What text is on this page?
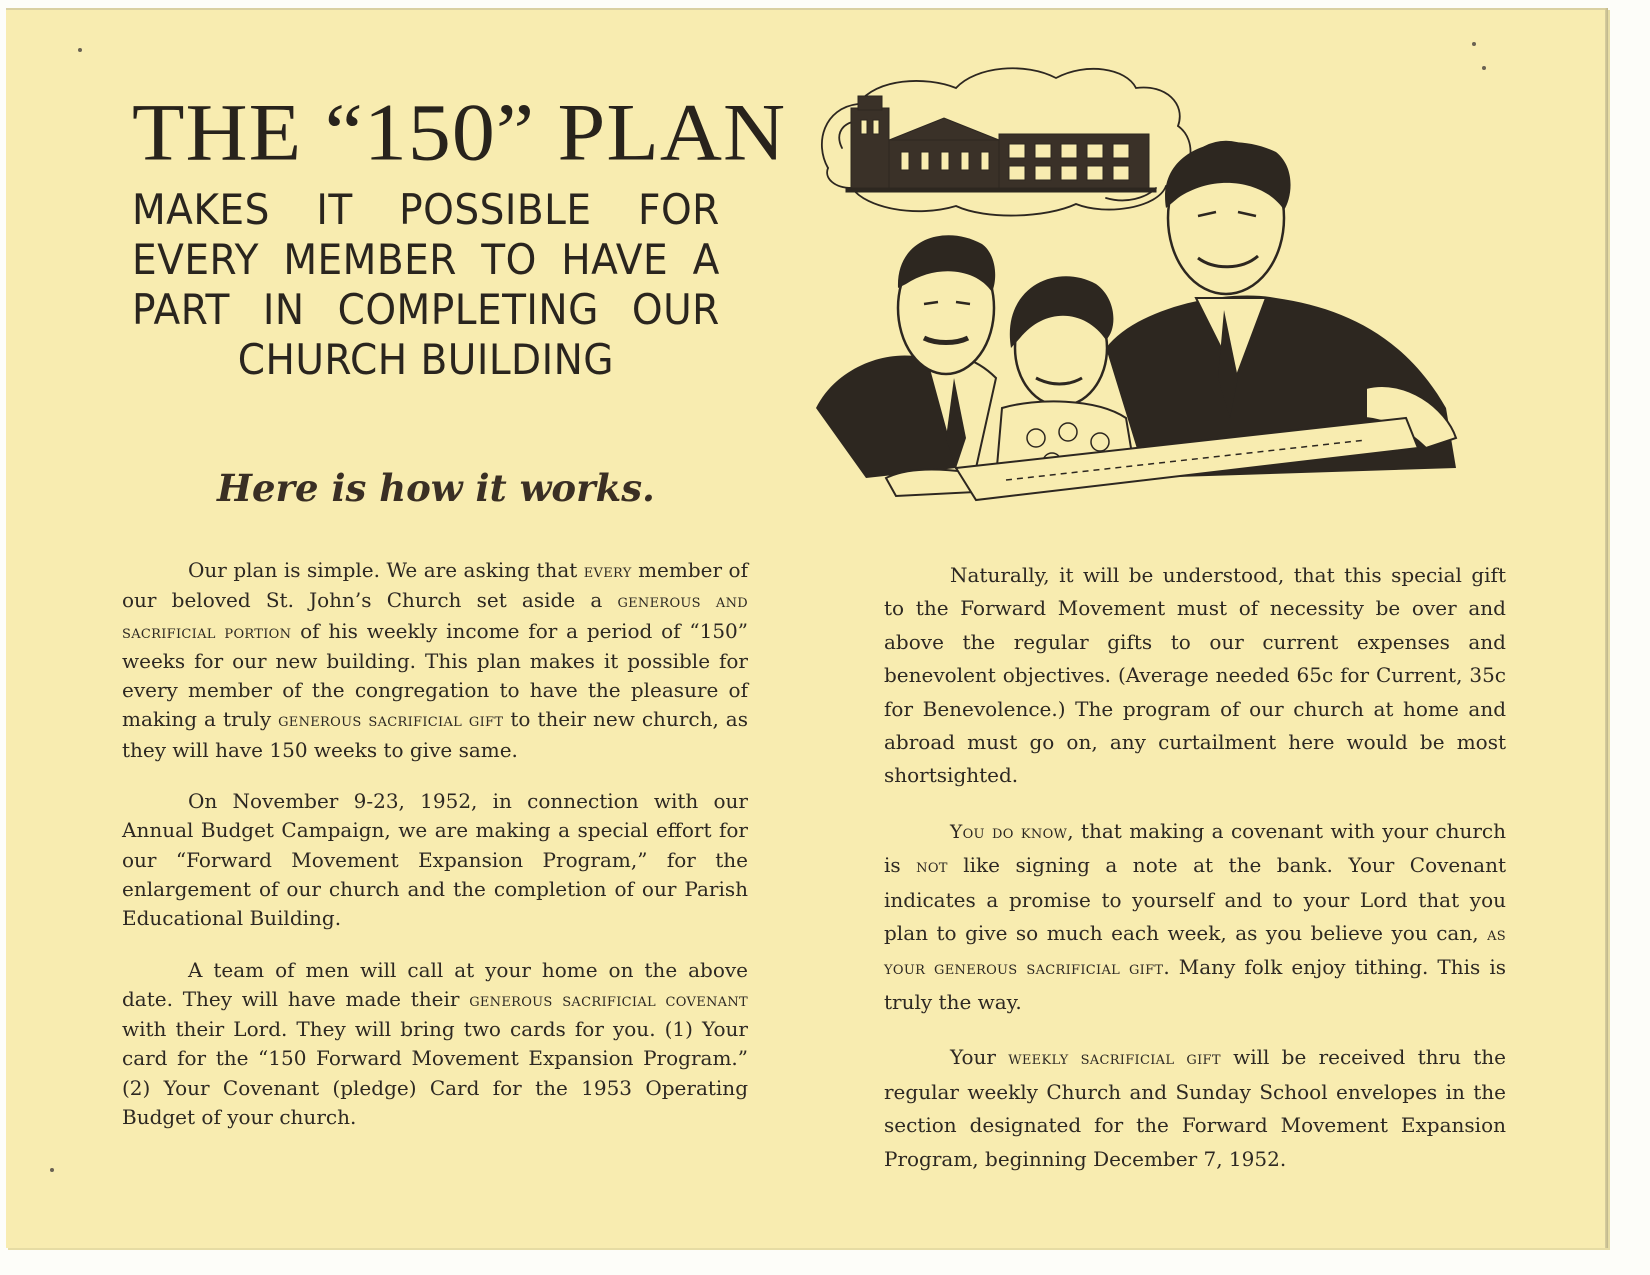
THE “150” PLAN
MAKES IT POSSIBLE FOR EVERY MEMBER TO HAVE A PART IN COMPLETING OUR CHURCH BUILDING
Here is how it works.

Our plan is simple. We are asking that every member of our beloved St. John’s Church set aside a generous and sacrificial portion of his weekly income for a period of “150” weeks for our new building. This plan makes it possible for every member of the congregation to have the pleasure of making a truly generous sacrificial gift to their new church, as they will have 150 weeks to give same.

On November 9-23, 1952, in connection with our Annual Budget Campaign, we are making a special effort for our “Forward Movement Expansion Program,” for the enlargement of our church and the completion of our Parish Educational Building.

A team of men will call at your home on the above date. They will have made their generous sacrificial covenant with their Lord. They will bring two cards for you. (1) Your card for the “150 Forward Movement Expansion Program.” (2) Your Covenant (pledge) Card for the 1953 Operating Budget of your church.

Naturally, it will be understood, that this special gift to the Forward Movement must of necessity be over and above the regular gifts to our current expenses and benevolent objectives. (Average needed 65c for Current, 35c for Benevolence.) The program of our church at home and abroad must go on, any curtailment here would be most shortsighted.

You do know, that making a covenant with your church is not like signing a note at the bank. Your Covenant indicates a promise to yourself and to your Lord that you plan to give so much each week, as you believe you can, as your generous sacrificial gift. Many folk enjoy tithing. This is truly the way.

Your weekly sacrificial gift will be received thru the regular weekly Church and Sunday School envelopes in the section designated for the Forward Movement Expansion Program, beginning December 7, 1952.
